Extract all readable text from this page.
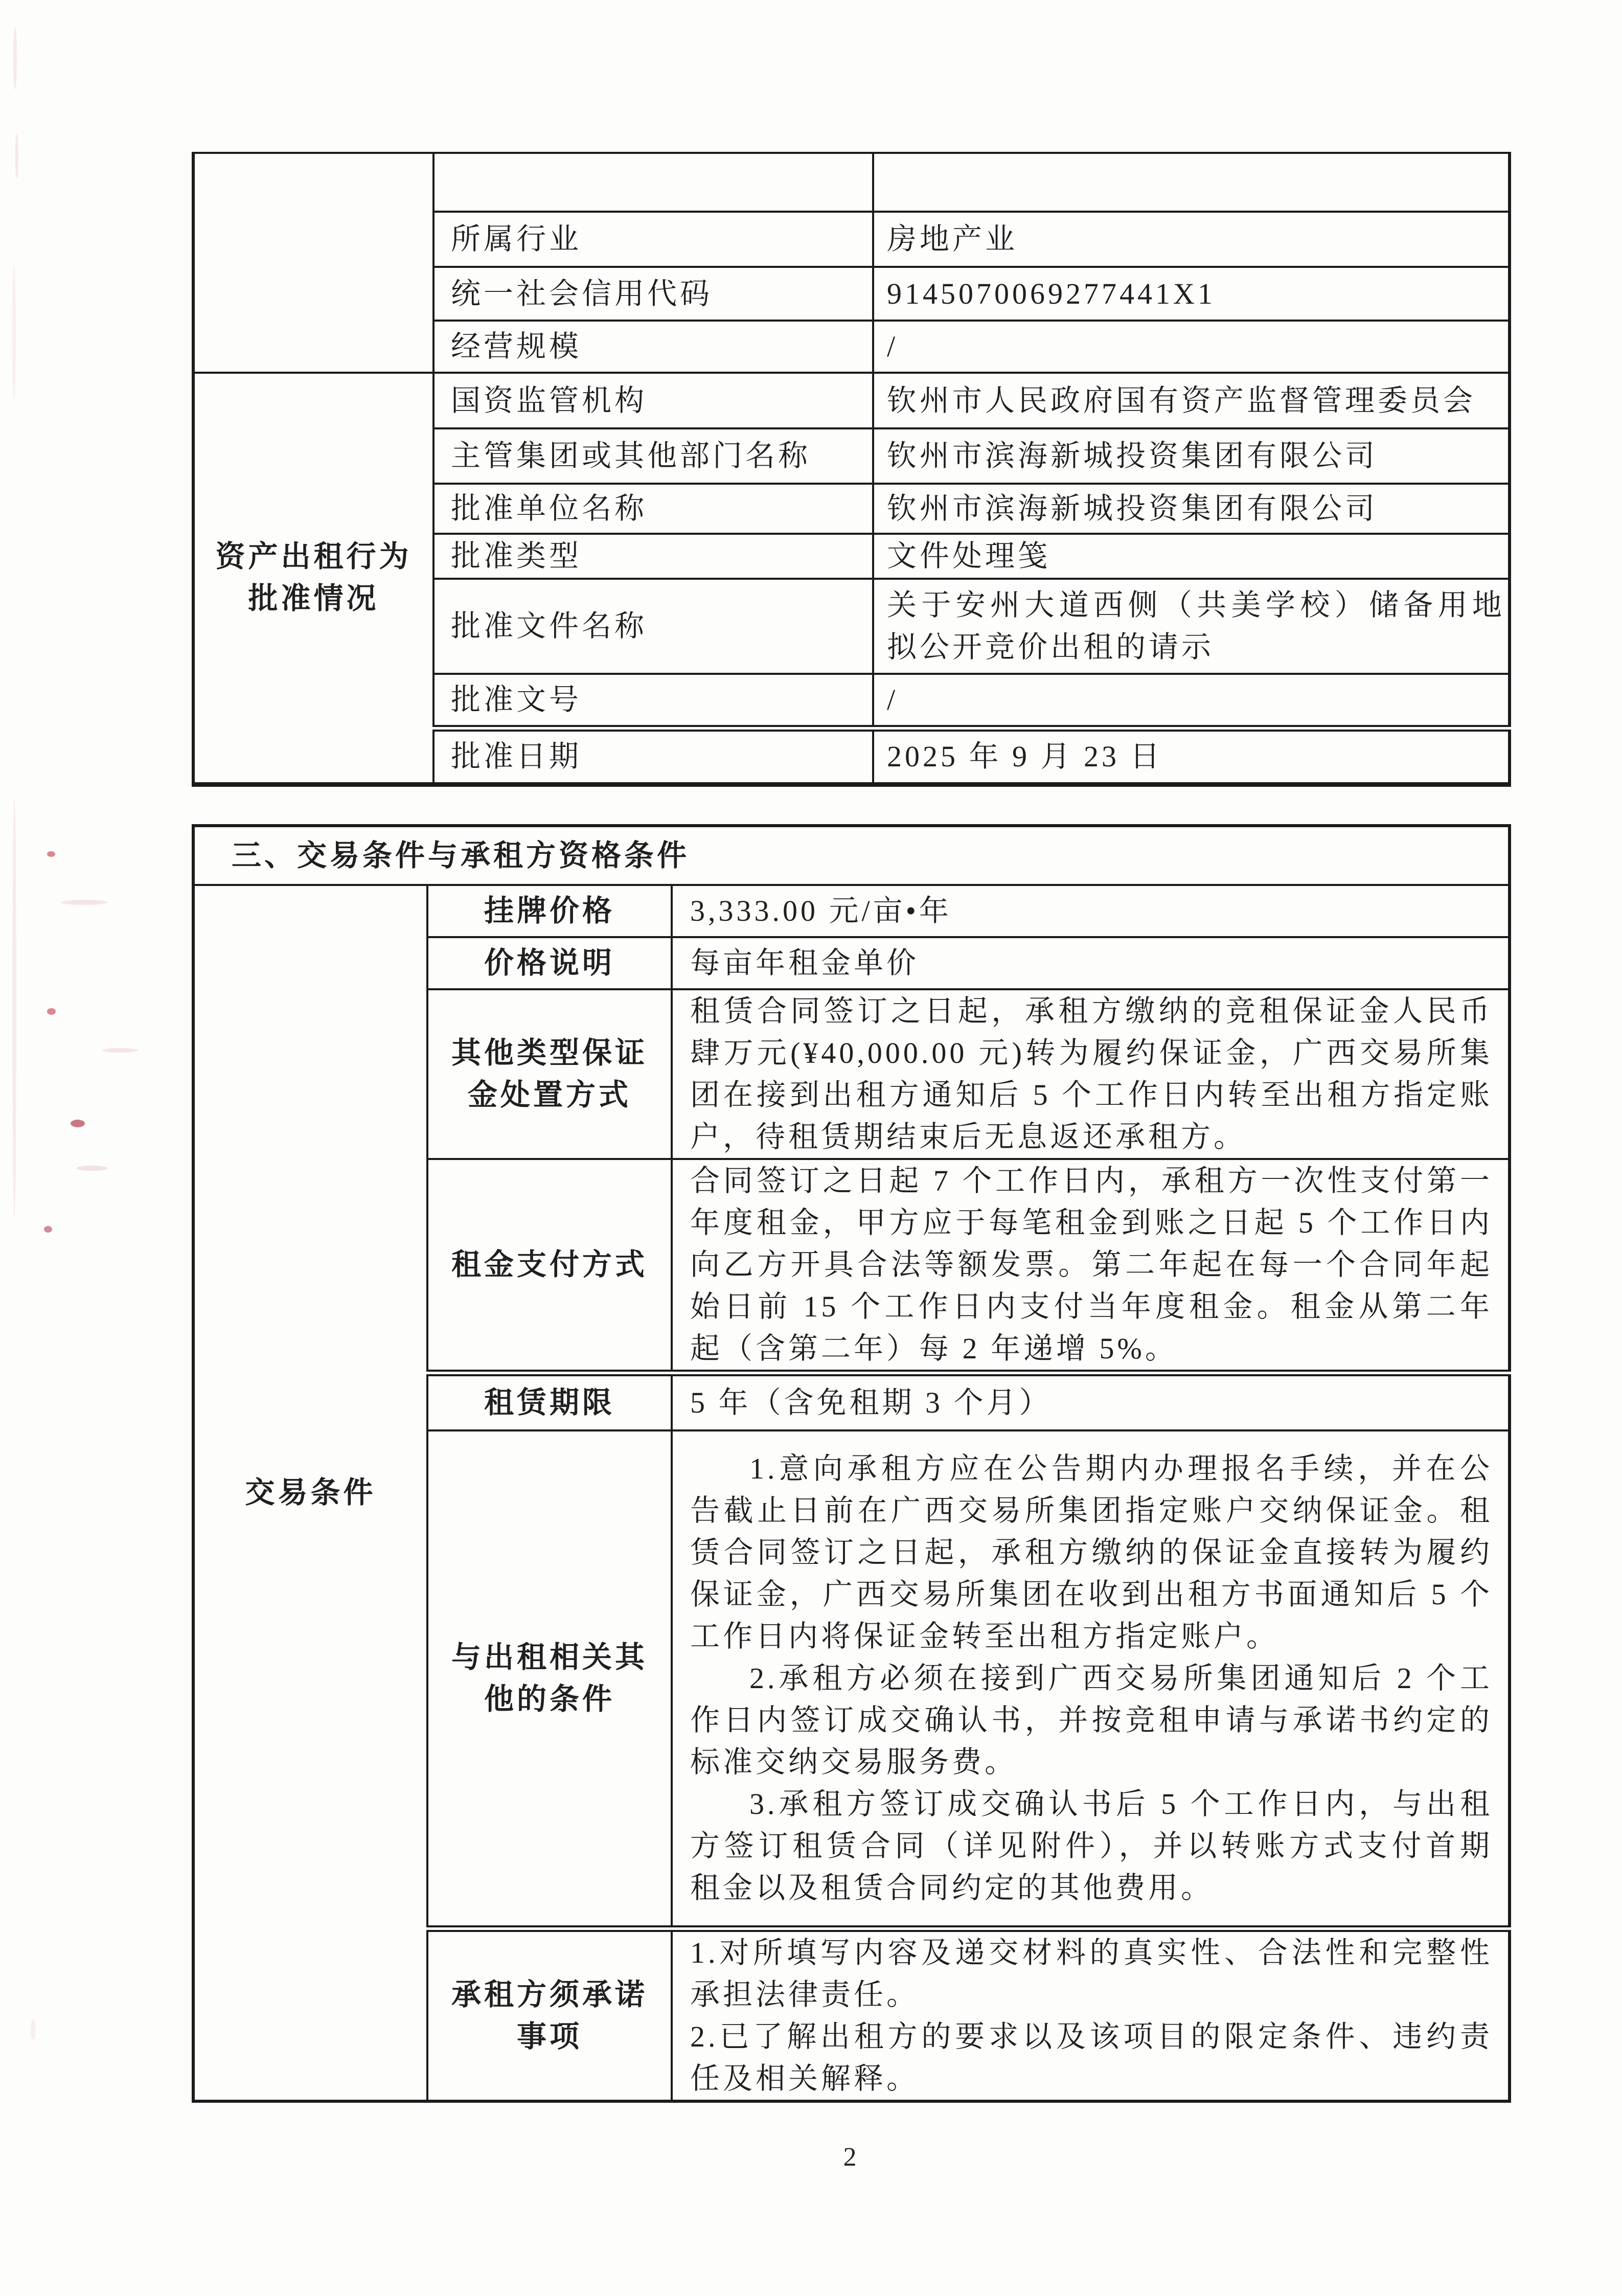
	所属行业	房地产业
	统一社会信用代码	9145070069277441X1
	经营规模	/
资产出租行为批准情况	国资监管机构	钦州市人民政府国有资产监督管理委员会
	主管集团或其他部门名称	钦州市滨海新城投资集团有限公司
	批准单位名称	钦州市滨海新城投资集团有限公司
	批准类型	文件处理笺
	批准文件名称	关于安州大道西侧（共美学校）储备用地拟公开竞价出租的请示
	批准文号	/
	批准日期	2025 年 9 月 23 日
三、交易条件与承租方资格条件		
交易条件	挂牌价格	3,333.00 元/亩•年
	价格说明	每亩年租金单价
	其他类型保证金处置方式	租赁合同签订之日起，承租方缴纳的竞租保证金人民币肆万元(¥40,000.00 元)转为履约保证金，广西交易所集团在接到出租方通知后 5 个工作日内转至出租方指定账户，待租赁期结束后无息返还承租方。
	租金支付方式	合同签订之日起 7 个工作日内，承租方一次性支付第一年度租金，甲方应于每笔租金到账之日起 5 个工作日内向乙方开具合法等额发票。第二年起在每一个合同年起始日前 15 个工作日内支付当年度租金。租金从第二年起（含第二年）每 2 年递增 5%。
	租赁期限	5 年（含免租期 3 个月）
	与出租相关其他的条件	1.意向承租方应在公告期内办理报名手续，并在公告截止日前在广西交易所集团指定账户交纳保证金。租赁合同签订之日起，承租方缴纳的保证金直接转为履约保证金，广西交易所集团在收到出租方书面通知后 5 个工作日内将保证金转至出租方指定账户。

2.承租方必须在接到广西交易所集团通知后 2 个工作日内签订成交确认书，并按竞租申请与承诺书约定的标准交纳交易服务费。

3.承租方签订成交确认书后 5 个工作日内，与出租方签订租赁合同（详见附件），并以转账方式支付首期租金以及租赁合同约定的其他费用。

	承租方须承诺事项	1.对所填写内容及递交材料的真实性、合法性和完整性承担法律责任。

2.已了解出租方的要求以及该项目的限定条件、违约责任及相关解释。

2
